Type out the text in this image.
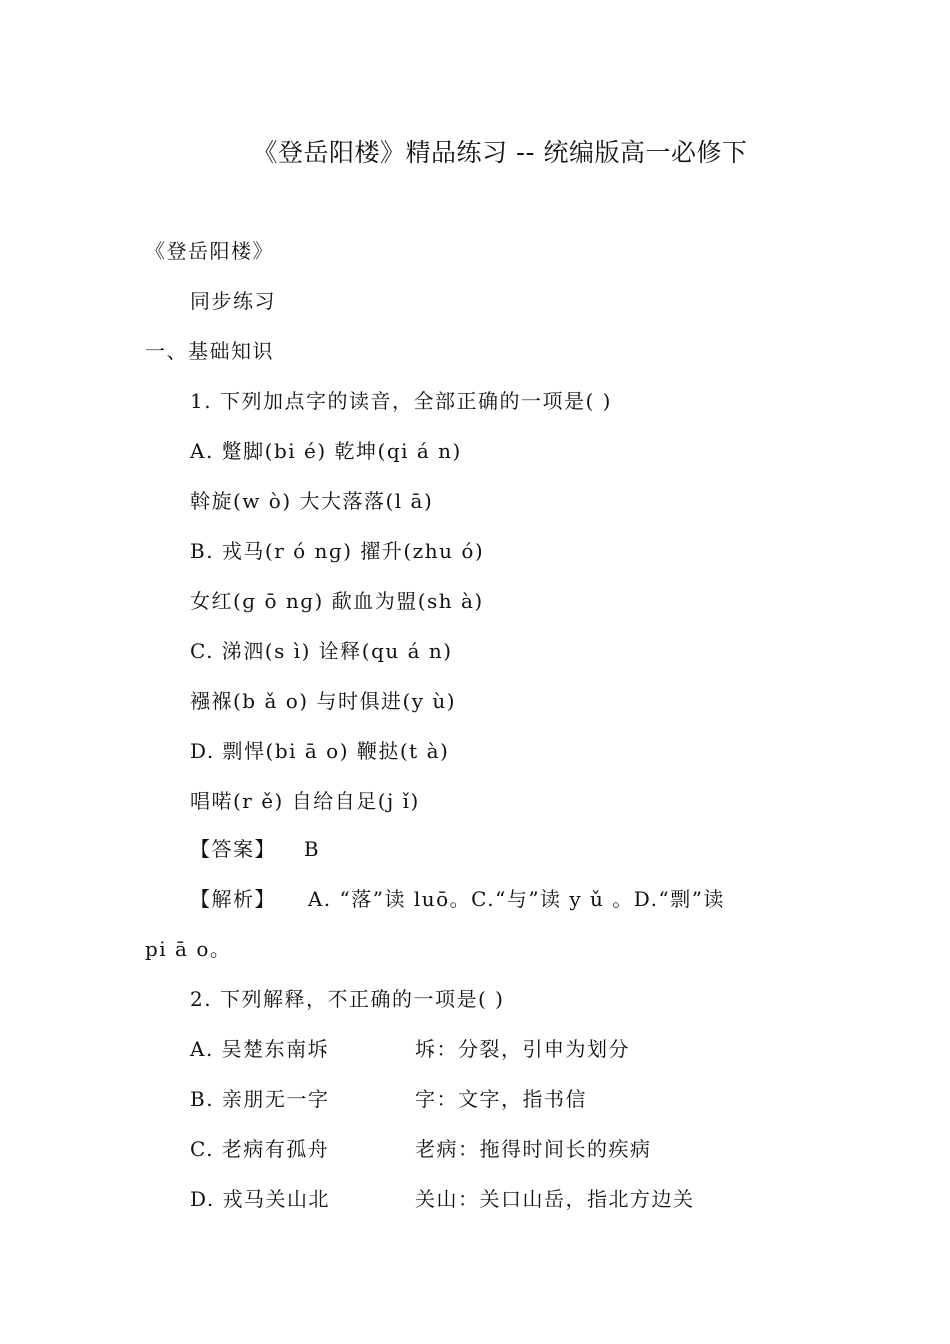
《登岳阳楼》精品练习 -- 统编版高一必修下
《登岳阳楼》
同步练习
一、基础知识
1. 下列加点字的读音，全部正确的一项是( )
A. 蹩脚(bi é) 乾坤(qi á n)
斡旋(w ò) 大大落落(l ā)
B. 戎马(r ó nɡ) 擢升(zhu ó)
女红(ɡ ō nɡ) 歃血为盟(sh à)
C. 涕泗(s ì) 诠释(qu á n)
襁褓(b ǎ o) 与时俱进(y ù)
D. 剽悍(bi ā o) 鞭挞(t à)
唱喏(r ě) 自给自足(j ǐ)
【答案】 B
【解析】 A. “落”读 luō。C.“与”读 y ǔ 。D.“剽”读
pi ā o。
2. 下列解释，不正确的一项是( )
A. 吴楚东南坼	坼：分裂，引申为划分
B. 亲朋无一字	字：文字，指书信
C. 老病有孤舟	老病：拖得时间长的疾病
D. 戎马关山北	关山：关口山岳，指北方边关
